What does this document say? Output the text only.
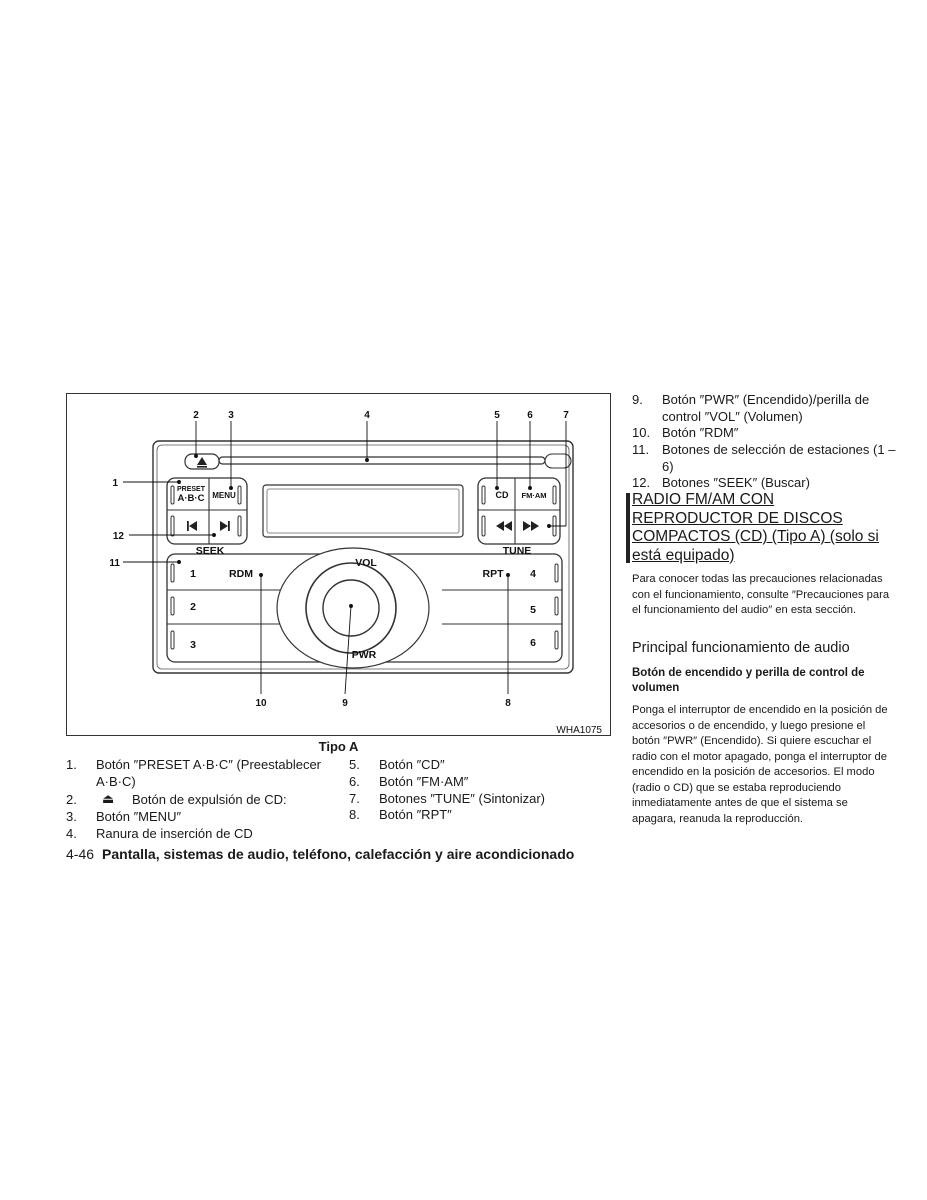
2	3	4	5	6	7
1
12
11
10	9	8
PRESET
A·B·C MENU	CD FM·AM
SEEK	TUNE
VOL
PWR
RDM	RPT
1
2
3
4
5
6
WHA1075
Tipo A
1. Botón ″PRESET A·B·C″ (Preestablecer A·B·C)
2. ⏏ Botón de expulsión de CD:
3. Botón ″MENU″
4. Ranura de inserción de CD
5. Botón ″CD″
6. Botón ″FM·AM″
7. Botones ″TUNE″ (Sintonizar)
8. Botón ″RPT″
9. Botón ″PWR″ (Encendido)/perilla de control ″VOL″ (Volumen)
10. Botón ″RDM″
11. Botones de selección de estaciones (1 – 6)
12. Botones ″SEEK″ (Buscar)
RADIO FM/AM CON REPRODUCTOR DE DISCOS COMPACTOS (CD) (Tipo A) (solo si está equipado)
Para conocer todas las precauciones relacionadas con el funcionamiento, consulte ″Precauciones para el funcionamiento del audio″ en esta sección.
Principal funcionamiento de audio
Botón de encendido y perilla de control de volumen
Ponga el interruptor de encendido en la posición de accesorios o de encendido, y luego presione el botón ″PWR″ (Encendido). Si quiere escuchar el radio con el motor apagado, ponga el interruptor de encendido en la posición de accesorios. El modo (radio o CD) que se estaba reproduciendo inmediatamente antes de que el sistema se apagara, reanuda la reproducción.
4-46 Pantalla, sistemas de audio, teléfono, calefacción y aire acondicionado
